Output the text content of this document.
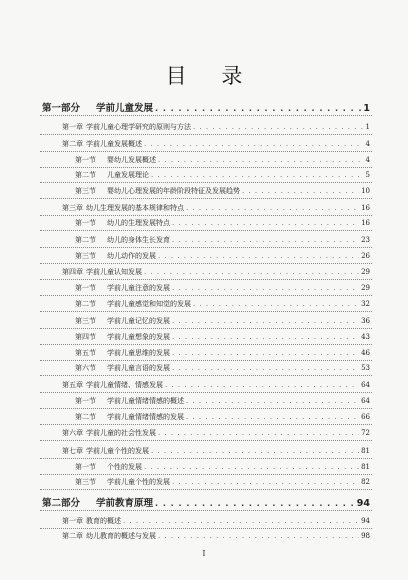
目 录
第一部分	学前儿童发展 . . .	1
第一章 学前儿童心理学研究的原则与方法 . . .	1
第二章 学前儿童发展概述 . . .	4
第一节	婴幼儿发展概述 . . .	4
第二节	儿童发展理论 . . .	5
第三节	婴幼儿心理发展的年龄阶段特征及发展趋势 . . .	10
第三章 幼儿生理发展的基本规律和特点 . . .	16
第一节	幼儿的生理发展特点 . . .	16
第二节	幼儿的身体生长发育 . . .	23
第三节	幼儿动作的发展 . . .	26
第四章 学前儿童认知发展 . . .	29
第一节	学前儿童注意的发展 . . .	29
第二节	学前儿童感觉和知觉的发展 . . .	32
第三节	学前儿童记忆的发展 . . .	36
第四节	学前儿童想象的发展 . . .	43
第五节	学前儿童思维的发展 . . .	46
第六节	学前儿童言语的发展 . . .	53
第五章 学前儿童情绪、情感发展 . . .	64
第一节	学前儿童情绪情感的概述 . . .	64
第二节	学前儿童情绪情感的发展 . . .	66
第六章 学前儿童的社会性发展 . . .	72
第七章 学前儿童个性的发展 . . .	81
第一节	个性的发展 . . .	81
第三节	学前儿童个性的发展 . . .	82
第二部分	学前教育原理 . . .	94
第一章 教育的概述 . . .	94
第二章 幼儿教育的概述与发展 . . .	98
I
